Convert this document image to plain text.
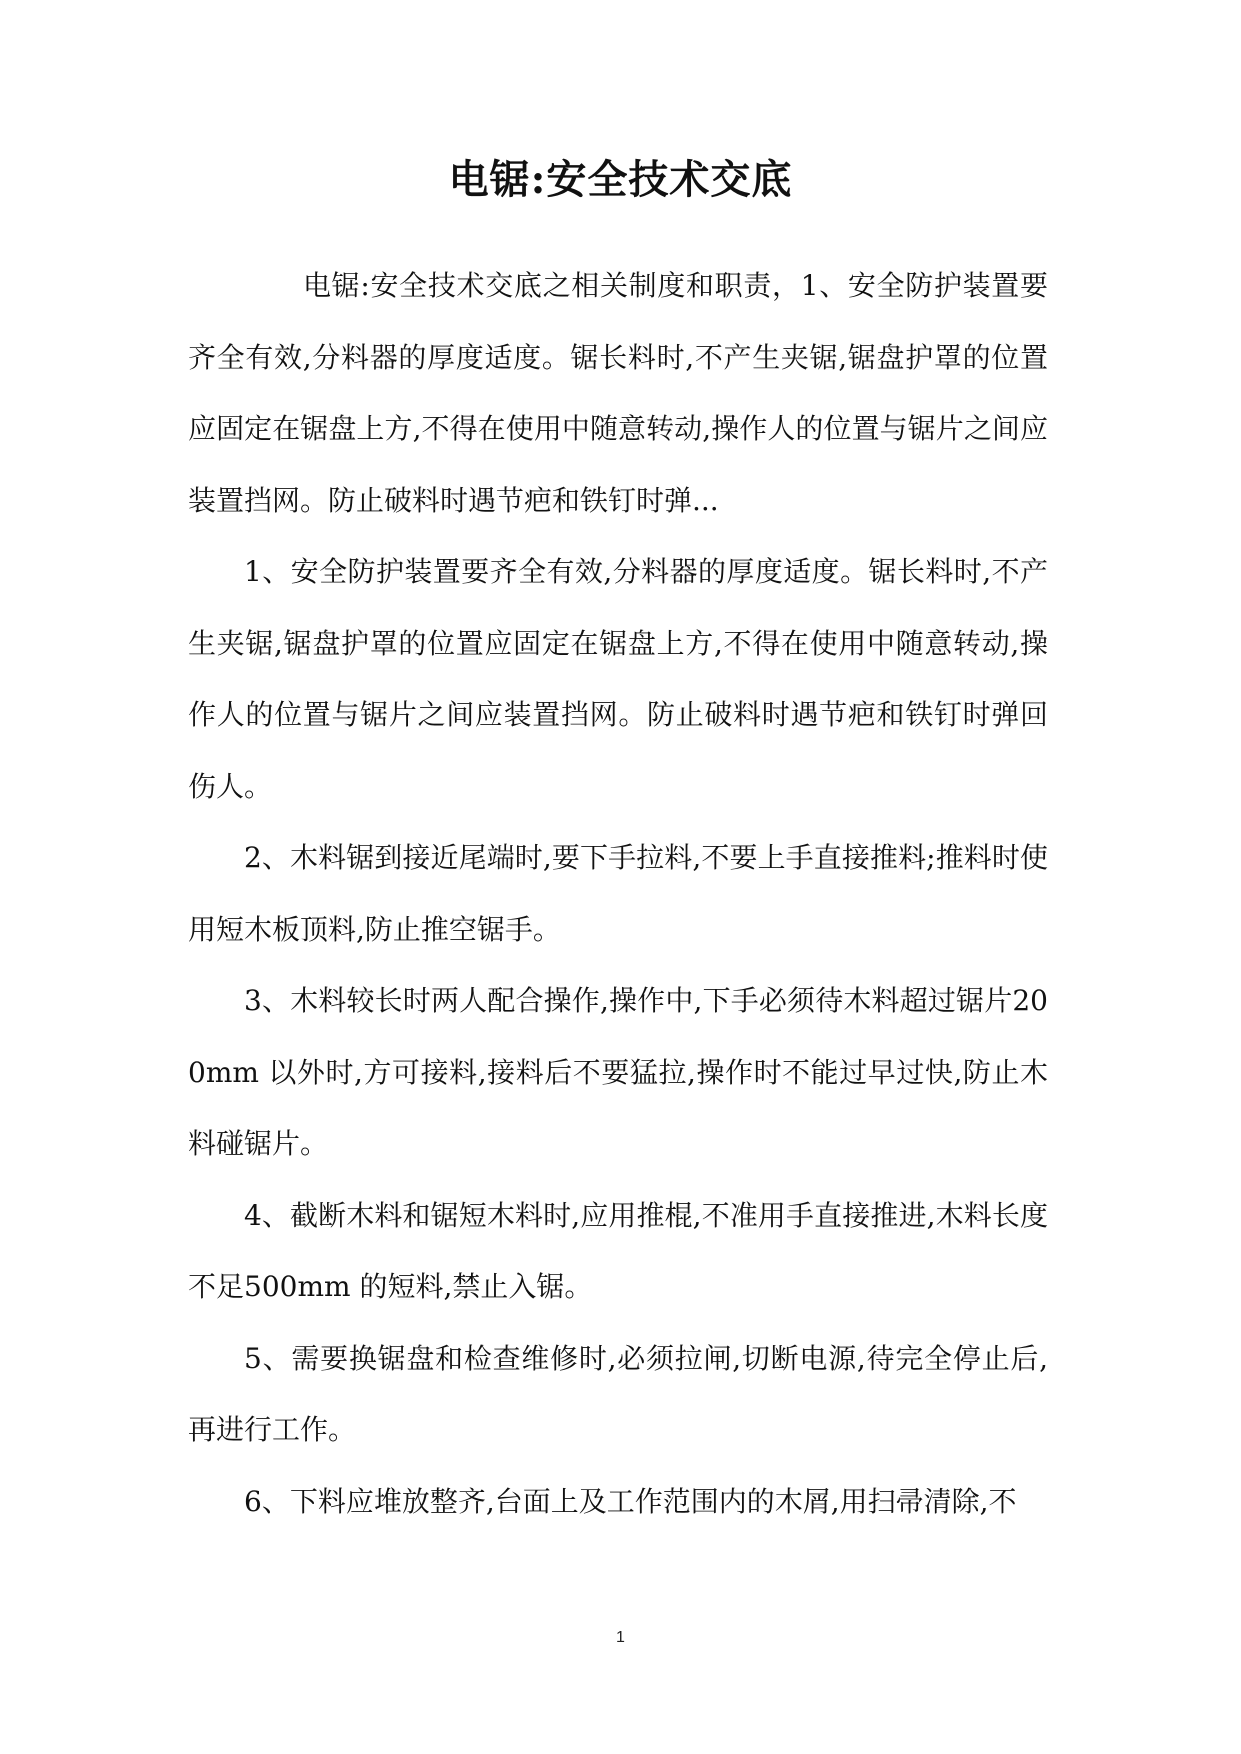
电锯:安全技术交底

电锯:安全技术交底之相关制度和职责，1、安全防护装置要齐全有效,分料器的厚度适度。锯长料时,不产生夹锯,锯盘护罩的位置应固定在锯盘上方,不得在使用中随意转动,操作人的位置与锯片之间应装置挡网。防止破料时遇节疤和铁钉时弹...

1、安全防护装置要齐全有效,分料器的厚度适度。锯长料时,不产生夹锯,锯盘护罩的位置应固定在锯盘上方,不得在使用中随意转动,操作人的位置与锯片之间应装置挡网。防止破料时遇节疤和铁钉时弹回伤人。

2、木料锯到接近尾端时,要下手拉料,不要上手直接推料;推料时使用短木板顶料,防止推空锯手。

3、木料较长时两人配合操作,操作中,下手必须待木料超过锯片200mm 以外时,方可接料,接料后不要猛拉,操作时不能过早过快,防止木料碰锯片。

4、截断木料和锯短木料时,应用推棍,不准用手直接推进,木料长度不足500mm 的短料,禁止入锯。

5、需要换锯盘和检查维修时,必须拉闸,切断电源,待完全停止后,再进行工作。

6、下料应堆放整齐,台面上及工作范围内的木屑,用扫帚清除,不

1
